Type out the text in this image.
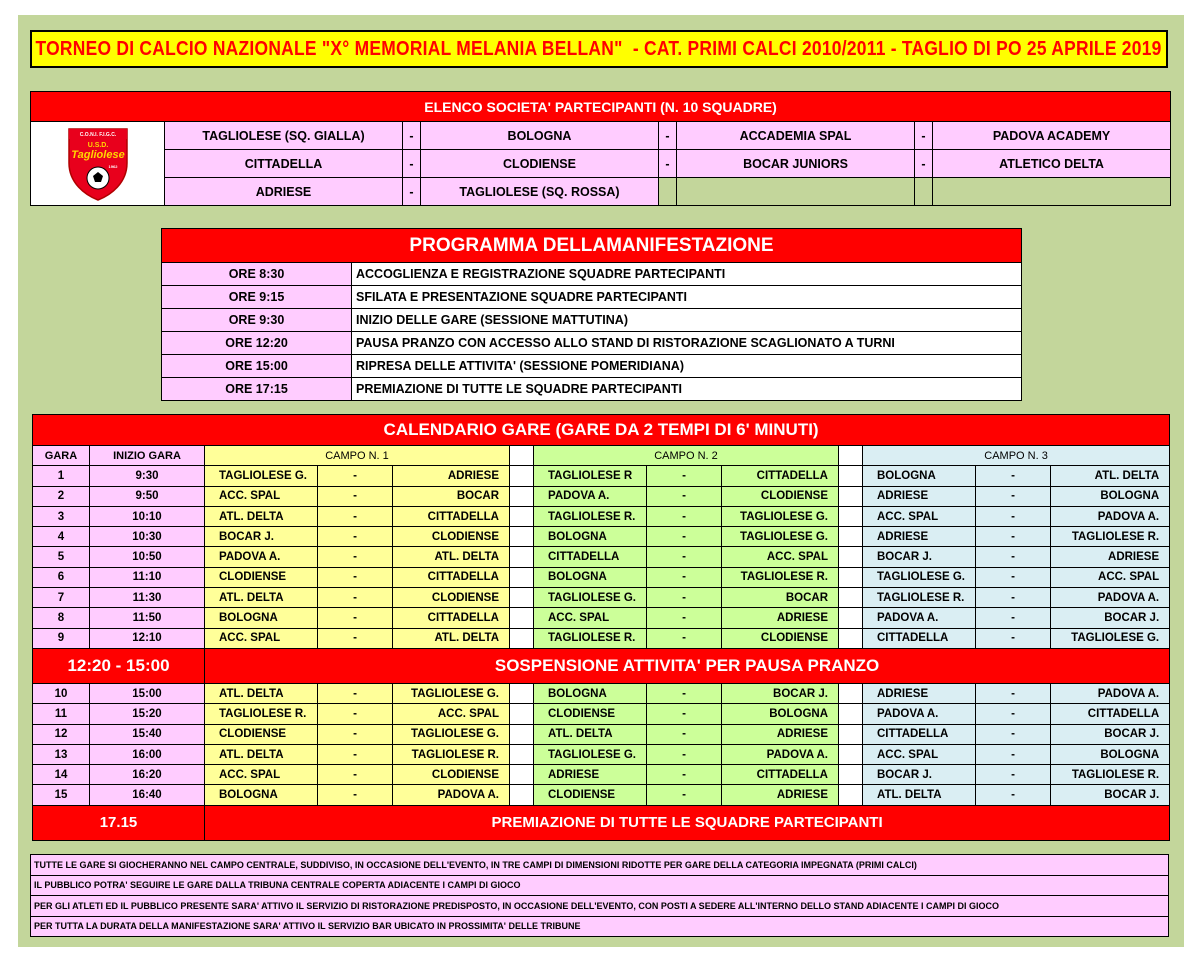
TORNEO DI CALCIO NAZIONALE "X° MEMORIAL MELANIA BELLAN"  - CAT. PRIMI CALCI 2010/2011 - TAGLIO DI PO 25 APRILE 2019
ELENCO SOCIETA' PARTECIPANTI (N. 10 SQUADRE)							

C.O.N.I. F.I.G.C.
U.S.D.
Tagliolese
1962	TAGLIOLESE (SQ. GIALLA)	-	BOLOGNA	-	ACCADEMIA SPAL	-	PADOVA ACADEMY
	CITTADELLA	-	CLODIENSE	-	BOCAR JUNIORS	-	ATLETICO DELTA
	ADRIESE	-	TAGLIOLESE (SQ. ROSSA)				
PROGRAMMA DELLAMANIFESTAZIONE	
ORE 8:30	ACCOGLIENZA E REGISTRAZIONE SQUADRE PARTECIPANTI
ORE 9:15	SFILATA E PRESENTAZIONE SQUADRE PARTECIPANTI
ORE 9:30	INIZIO DELLE GARE (SESSIONE MATTUTINA)
ORE 12:20	PAUSA PRANZO CON ACCESSO ALLO STAND DI RISTORAZIONE SCAGLIONATO A TURNI
ORE 15:00	RIPRESA DELLE ATTIVITA' (SESSIONE POMERIDIANA)
ORE 17:15	PREMIAZIONE DI TUTTE LE SQUADRE PARTECIPANTI
CALENDARIO GARE (GARE DA 2 TEMPI DI 6' MINUTI)												
GARA	INIZIO GARA	CAMPO N. 1				CAMPO N. 2				CAMPO N. 3		
1	9:30	TAGLIOLESE G.	-	ADRIESE		TAGLIOLESE R	-	CITTADELLA		BOLOGNA	-	ATL. DELTA
2	9:50	ACC. SPAL	-	BOCAR		PADOVA A.	-	CLODIENSE		ADRIESE	-	BOLOGNA
3	10:10	ATL. DELTA	-	CITTADELLA		TAGLIOLESE R.	-	TAGLIOLESE G.		ACC. SPAL	-	PADOVA A.
4	10:30	BOCAR J.	-	CLODIENSE		BOLOGNA	-	TAGLIOLESE G.		ADRIESE	-	TAGLIOLESE R.
5	10:50	PADOVA A.	-	ATL. DELTA		CITTADELLA	-	ACC. SPAL		BOCAR J.	-	ADRIESE
6	11:10	CLODIENSE	-	CITTADELLA		BOLOGNA	-	TAGLIOLESE R.		TAGLIOLESE G.	-	ACC. SPAL
7	11:30	ATL. DELTA	-	CLODIENSE		TAGLIOLESE G.	-	BOCAR		TAGLIOLESE R.	-	PADOVA A.
8	11:50	BOLOGNA	-	CITTADELLA		ACC. SPAL	-	ADRIESE		PADOVA A.	-	BOCAR J.
9	12:10	ACC. SPAL	-	ATL. DELTA		TAGLIOLESE R.	-	CLODIENSE		CITTADELLA	-	TAGLIOLESE G.
12:20 - 15:00		SOSPENSIONE ATTIVITA' PER PAUSA PRANZO										
10	15:00	ATL. DELTA	-	TAGLIOLESE G.		BOLOGNA	-	BOCAR J.		ADRIESE	-	PADOVA A.
11	15:20	TAGLIOLESE R.	-	ACC. SPAL		CLODIENSE	-	BOLOGNA		PADOVA A.	-	CITTADELLA
12	15:40	CLODIENSE	-	TAGLIOLESE G.		ATL. DELTA	-	ADRIESE		CITTADELLA	-	BOCAR J.
13	16:00	ATL. DELTA	-	TAGLIOLESE R.		TAGLIOLESE G.	-	PADOVA A.		ACC. SPAL	-	BOLOGNA
14	16:20	ACC. SPAL	-	CLODIENSE		ADRIESE	-	CITTADELLA		BOCAR J.	-	TAGLIOLESE R.
15	16:40	BOLOGNA	-	PADOVA A.		CLODIENSE	-	ADRIESE		ATL. DELTA	-	BOCAR J.
17.15		PREMIAZIONE DI TUTTE LE SQUADRE PARTECIPANTI										
TUTTE LE GARE SI GIOCHERANNO NEL CAMPO CENTRALE, SUDDIVISO, IN OCCASIONE DELL'EVENTO, IN TRE CAMPI DI DIMENSIONI RIDOTTE PER GARE DELLA CATEGORIA IMPEGNATA (PRIMI CALCI)
IL PUBBLICO POTRA' SEGUIRE LE GARE DALLA TRIBUNA CENTRALE COPERTA ADIACENTE I CAMPI DI GIOCO
PER GLI ATLETI ED IL PUBBLICO PRESENTE SARA' ATTIVO IL SERVIZIO DI RISTORAZIONE PREDISPOSTO, IN OCCASIONE DELL'EVENTO, CON POSTI A SEDERE ALL'INTERNO DELLO STAND ADIACENTE I CAMPI DI GIOCO
PER TUTTA LA DURATA DELLA MANIFESTAZIONE SARA' ATTIVO IL SERVIZIO BAR UBICATO IN PROSSIMITA' DELLE TRIBUNE
